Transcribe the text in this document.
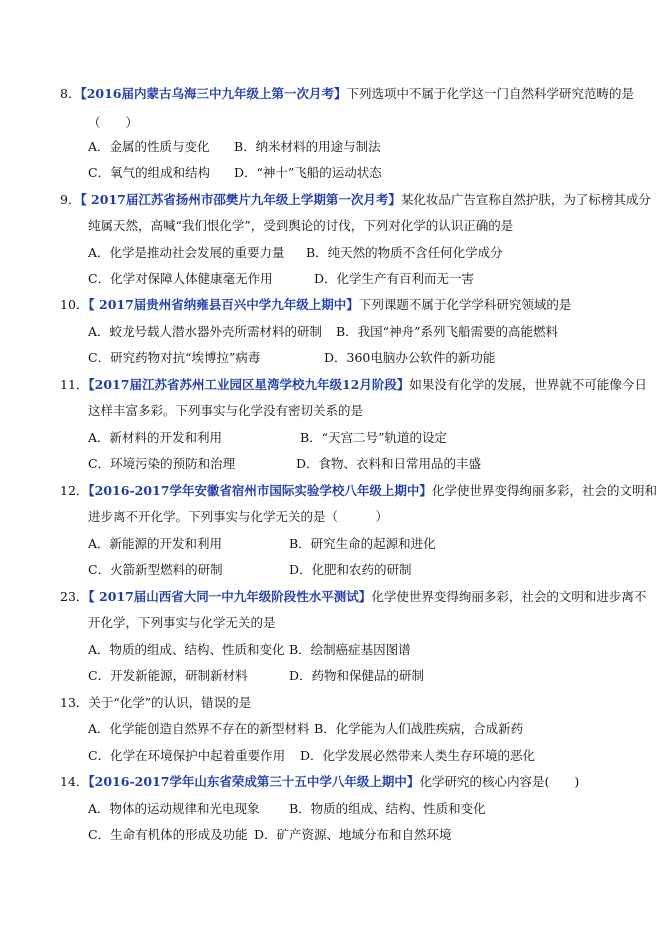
8．【2016届内蒙古乌海三中九年级上第一次月考】下列选项中不属于化学这一门自然科学研究范畴的是
（　　）
A．金属的性质与变化 B．纳米材料的用途与制法
C．氧气的组成和结构 D．“神十”飞船的运动状态
9．【 2017届江苏省扬州市邵樊片九年级上学期第一次月考】某化妆品广告宣称自然护肤，为了标榜其成分
纯属天然，高喊“我们恨化学”，受到舆论的讨伐，下列对化学的认识正确的是
A．化学是推动社会发展的重要力量 B．纯天然的物质不含任何化学成分
C．化学对保障人体健康毫无作用	D．化学生产有百利而无一害
10．【 2017届贵州省纳雍县百兴中学九年级上期中】下列课题不属于化学学科研究领域的是
A．蛟龙号载人潜水器外壳所需材料的研制 B．我国“神舟”系列飞船需要的高能燃料
C．研究药物对抗“埃博拉”病毒	D．360电脑办公软件的新功能
11．【2017届江苏省苏州工业园区星湾学校九年级12月阶段】如果没有化学的发展，世界就不可能像今日
这样丰富多彩。下列事实与化学没有密切关系的是
A．新材料的开发和利用	B．“天宫二号”轨道的设定
C．环境污染的预防和治理	D．食物、衣料和日常用品的丰盛
12．【2016-2017学年安徽省宿州市国际实验学校八年级上期中】化学使世界变得绚丽多彩，社会的文明和
进步离不开化学。下列事实与化学无关的是（　　　）
A．新能源的开发和利用	B．研究生命的起源和进化
C．火箭新型燃料的研制	D．化肥和农药的研制
23．【 2017届山西省大同一中九年级阶段性水平测试】化学使世界变得绚丽多彩，社会的文明和进步离不
开化学，下列事实与化学无关的是
A．物质的组成、结构、性质和变化 B．绘制癌症基因图谱
C．开发新能源，研制新材料	D．药物和保健品的研制
13．关于“化学”的认识，错误的是
A．化学能创造自然界不存在的新型材料 B．化学能为人们战胜疾病，合成新药
C．化学在环境保护中起着重要作用 D．化学发展必然带来人类生存环境的恶化
14．【2016-2017学年山东省荣成第三十五中学八年级上期中】化学研究的核心内容是(　　)
A．物体的运动规律和光电现象 B．物质的组成、结构、性质和变化
C．生命有机体的形成及功能 D．矿产资源、地域分布和自然环境
